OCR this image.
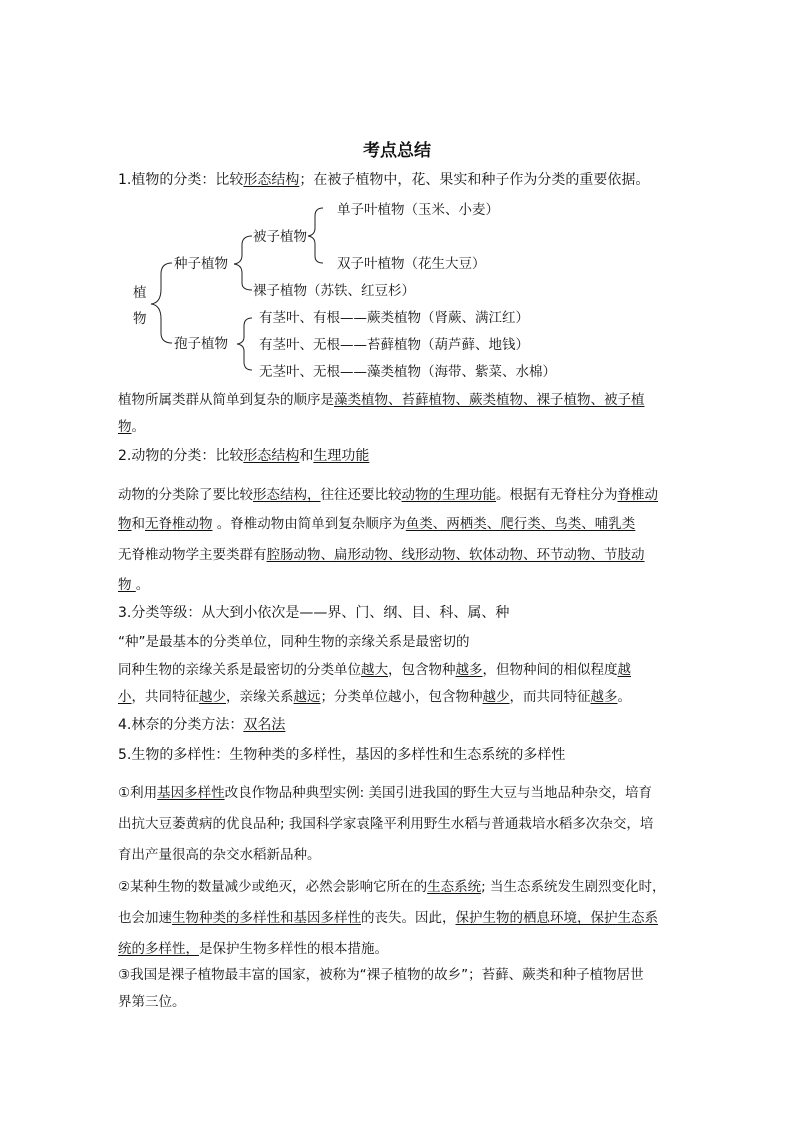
考点总结
1.植物的分类：比较形态结构；在被子植物中，花、果实和种子作为分类的重要依据。
植
物
种子植物
孢子植物
被子植物
单子叶植物（玉米、小麦）
双子叶植物（花生大豆）
裸子植物（苏铁、红豆杉）
有茎叶、有根——蕨类植物（肾蕨、满江红）
有茎叶、无根——苔藓植物（葫芦藓、地钱）
无茎叶、无根——藻类植物（海带、紫菜、水棉）
植物所属类群从简单到复杂的顺序是藻类植物、苔藓植物、蕨类植物、裸子植物、被子植
物。
2.动物的分类：比较形态结构和生理功能
动物的分类除了要比较形态结构，往往还要比较动物的生理功能。根据有无脊柱分为脊椎动
物和无脊椎动物 。脊椎动物由简单到复杂顺序为鱼类、两栖类、爬行类、鸟类、哺乳类
无脊椎动物学主要类群有腔肠动物、扁形动物、线形动物、软体动物、环节动物、节肢动
物 。
3.分类等级：从大到小依次是——界、门、纲、目、科、属、种
“种”是最基本的分类单位，同种生物的亲缘关系是最密切的
同种生物的亲缘关系是最密切的分类单位越大，包含物种越多，但物种间的相似程度越
小，共同特征越少，亲缘关系越远；分类单位越小，包含物种越少，而共同特征越多。
4.林奈的分类方法：双名法
5.生物的多样性：生物种类的多样性，基因的多样性和生态系统的多样性
①利用基因多样性改良作物品种典型实例: 美国引进我国的野生大豆与当地品种杂交，培育
出抗大豆萎黄病的优良品种; 我国科学家袁隆平利用野生水稻与普通栽培水稻多次杂交，培
育出产量很高的杂交水稻新品种。
②某种生物的数量减少或绝灭，必然会影响它所在的生态系统; 当生态系统发生剧烈变化时，
也会加速生物种类的多样性和基因多样性的丧失。因此，保护生物的栖息环境，保护生态系
统的多样性，是保护生物多样性的根本措施。
③我国是裸子植物最丰富的国家，被称为“裸子植物的故乡”；苔藓、蕨类和种子植物居世
界第三位。
